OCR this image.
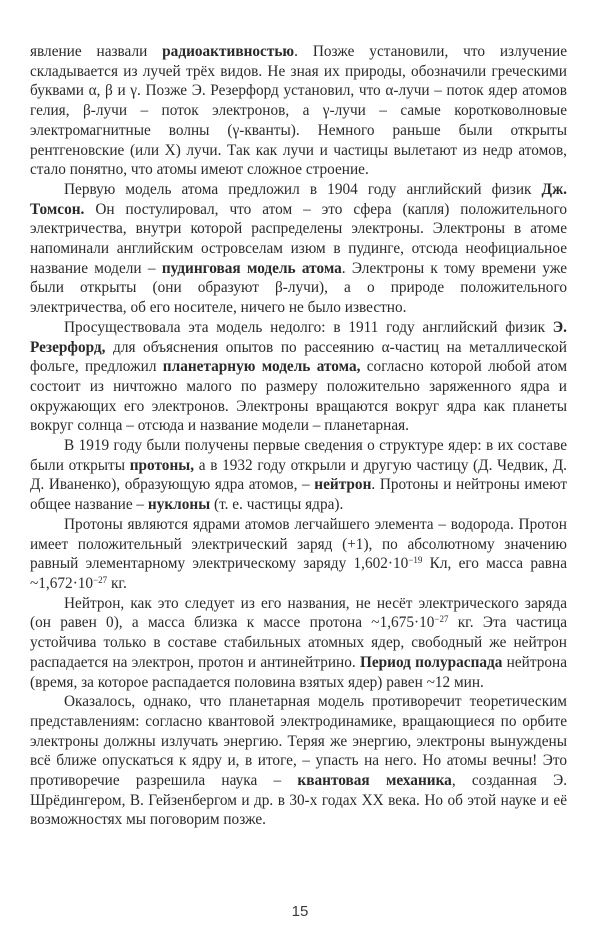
явление назвали радиоактивностью. Позже установили, что излучение складывается из лучей трёх видов. Не зная их природы, обозначили греческими буквами α, β и γ. Позже Э. Резерфорд установил, что α-лучи – поток ядер атомов гелия, β-лучи – поток электронов, а γ-лучи – самые коротковолновые электромагнитные волны (γ-кванты). Немного раньше были открыты рентгеновские (или X) лучи. Так как лучи и частицы вылетают из недр атомов, стало понятно, что атомы имеют сложное строение.

Первую модель атома предложил в 1904 году английский физик Дж. Томсон. Он постулировал, что атом – это сфера (капля) положительного электричества, внутри которой распределены электроны. Электроны в атоме напоминали английским островселам изюм в пудинге, отсюда неофициальное название модели – пудинговая модель атома. Электроны к тому времени уже были открыты (они образуют β-лучи), а о природе положительного электричества, об его носителе, ничего не было известно.

Просуществовала эта модель недолго: в 1911 году английский физик Э. Резерфорд, для объяснения опытов по рассеянию α-частиц на металлической фольге, предложил планетарную модель атома, согласно которой любой атом состоит из ничтожно малого по размеру положительно заряженного ядра и окружающих его электронов. Электроны вращаются вокруг ядра как планеты вокруг солнца – отсюда и название модели – планетарная.

В 1919 году были получены первые сведения о структуре ядер: в их составе были открыты протоны, а в 1932 году открыли и другую частицу (Д. Чедвик, Д. Д. Иваненко), образующую ядра атомов, – нейтрон. Протоны и нейтроны имеют общее название – нуклоны (т. е. частицы ядра).

Протоны являются ядрами атомов легчайшего элемента – водорода. Протон имеет положительный электрический заряд (+1), по абсолютному значению равный элементарному электрическому заряду $1,602\cdot 10^{-19}$ Кл, его масса равна $\sim 1,672\cdot 10^{-27}$ кг.

Нейтрон, как это следует из его названия, не несёт электрического заряда (он равен 0), а масса близка к массе протона $\sim 1,675\cdot 10^{-27}$ кг. Эта частица устойчива только в составе стабильных атомных ядер, свободный же нейтрон распадается на электрон, протон и антинейтрино. Период полураспада нейтрона (время, за которое распадается половина взятых ядер) равен ~12 мин.

Оказалось, однако, что планетарная модель противоречит теоретическим представлениям: согласно квантовой электродинамике, вращающиеся по орбите электроны должны излучать энергию. Теряя же энергию, электроны вынуждены всё ближе опускаться к ядру и, в итоге, – упасть на него. Но атомы вечны! Это противоречие разрешила наука – квантовая механика, созданная Э. Шрёдингером, В. Гейзенбергом и др. в 30-х годах XX века. Но об этой науке и её возможностях мы поговорим позже.

15
